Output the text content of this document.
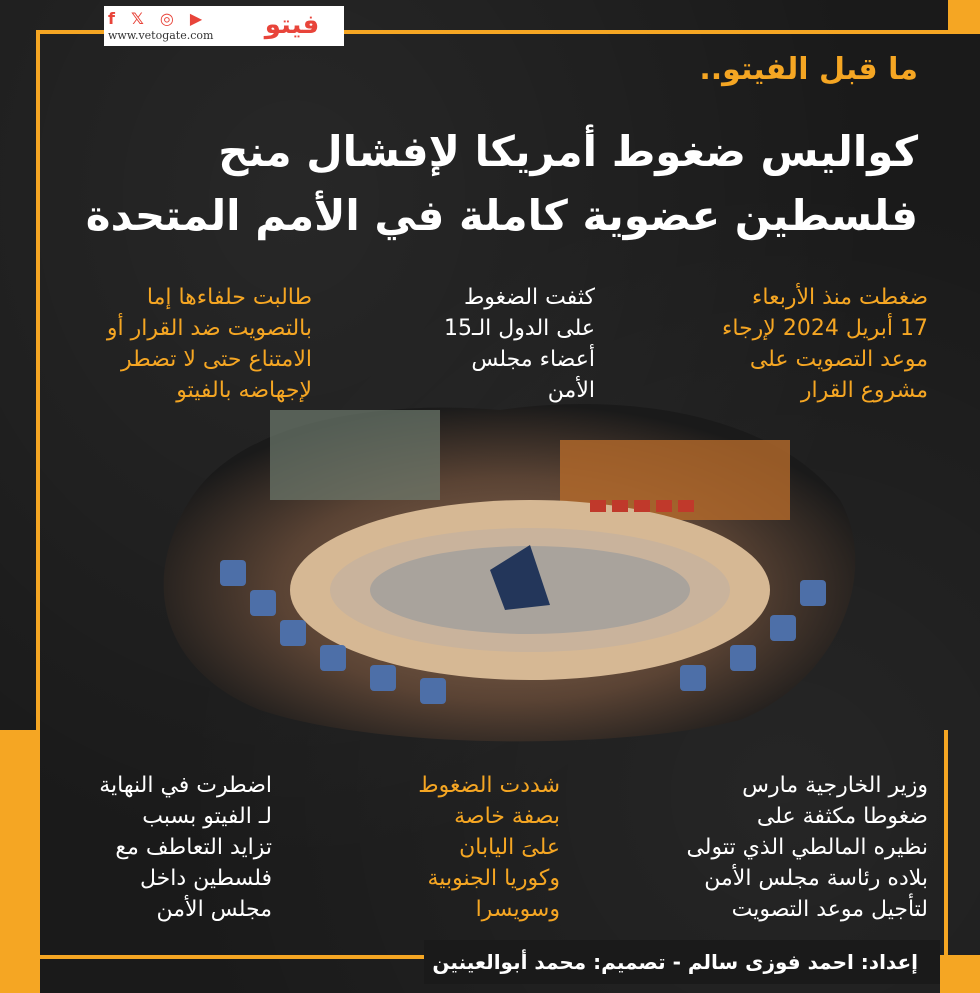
f 𝕏 ◎ ▶
www.vetogate.com	فيتو
ما قبل الفيتو..
كواليس ضغوط أمريكا لإفشال منح
فلسطين عضوية كاملة في الأمم المتحدة
ضغطت منذ الأربعاء
17 أبريل 2024 لإرجاء
موعد التصويت على
مشروع القرار
كثفت الضغوط
على الدول الـ15
أعضاء مجلس
الأمن
طالبت حلفاءها إما
بالتصويت ضد القرار أو
الامتناع حتى لا تضطر
لإجهاضه بالفيتو
وزير الخارجية مارس
ضغوطا مكثفة على
نظيره المالطي الذي تتولى
بلاده رئاسة مجلس الأمن
لتأجيل موعد التصويت
شددت الضغوط
بصفة خاصة
علىَ اليابان
وكوريا الجنوبية
وسويسرا
اضطرت في النهاية
لـ الفيتو بسبب
تزايد التعاطف مع
فلسطين داخل
مجلس الأمن
إعداد: احمد فوزى سالم - تصميم: محمد أبوالعينين
